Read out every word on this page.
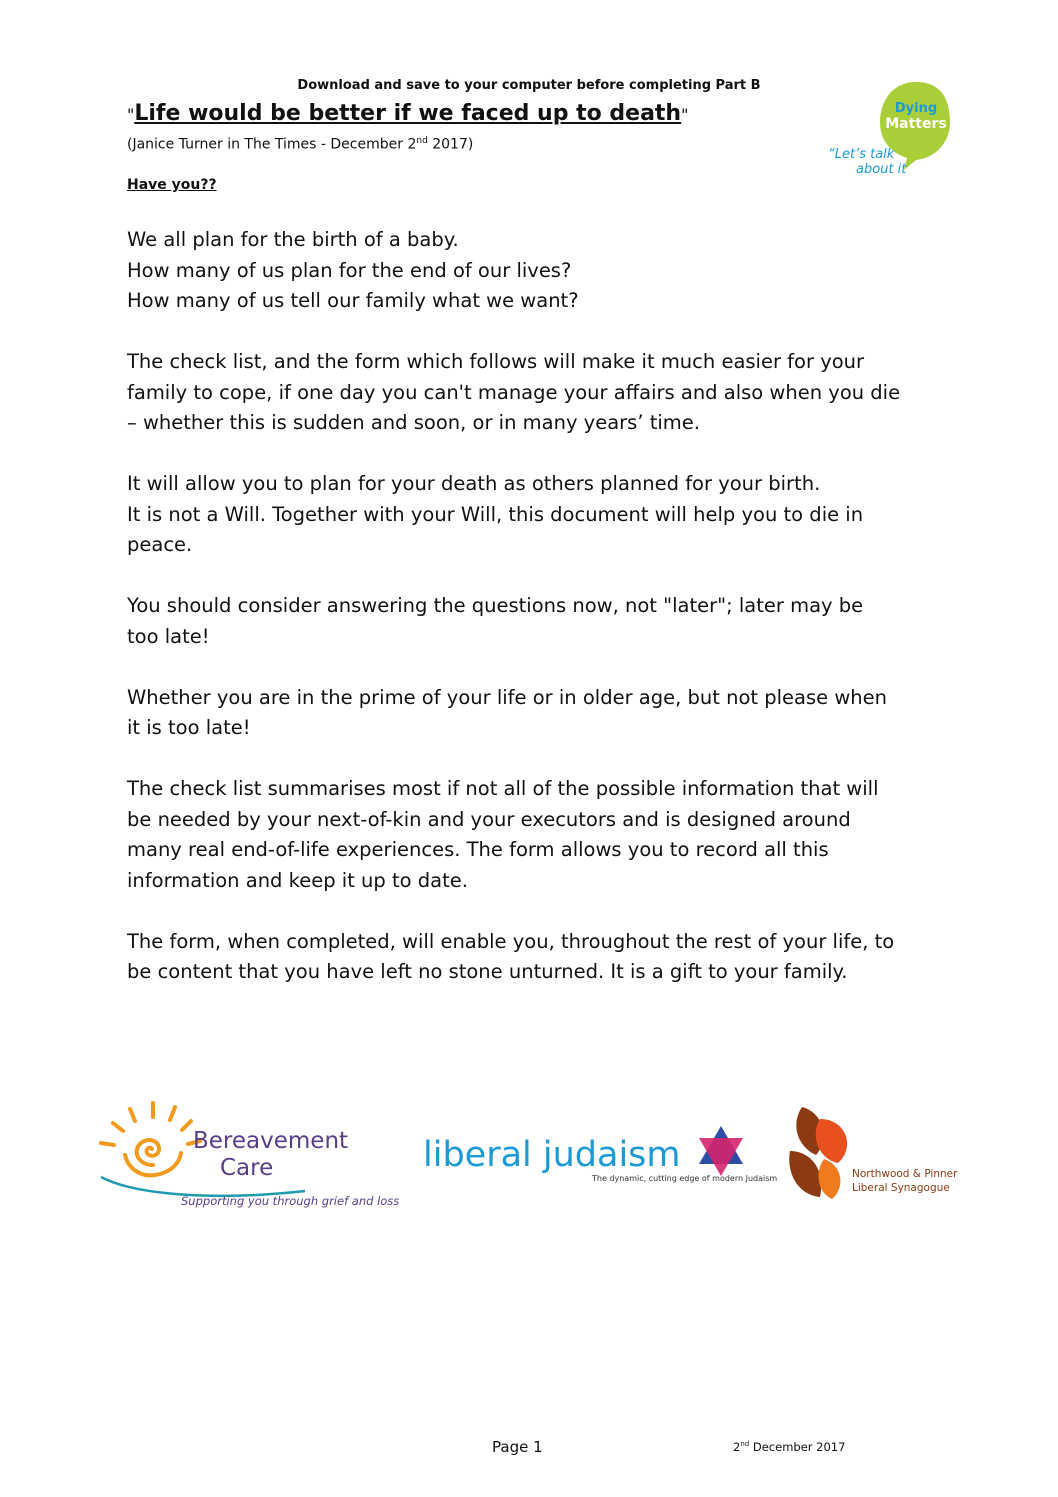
Download and save to your computer before completing Part B
"Life would be better if we faced up to death"
(Janice Turner in The Times - December 2nd 2017)
Dying
Matters
“Let’s talk
about it
Have you??

We all plan for the birth of a baby.
How many of us plan for the end of our lives?
How many of us tell our family what we want?

The check list, and the form which follows will make it much easier for your
family to cope, if one day you can't manage your affairs and also when you die
– whether this is sudden and soon, or in many years’ time.

It will allow you to plan for your death as others planned for your birth.
It is not a Will. Together with your Will, this document will help you to die in
peace.

You should consider answering the questions now, not "later"; later may be
too late!

Whether you are in the prime of your life or in older age, but not please when
it is too late!

The check list summarises most if not all of the possible information that will
be needed by your next-of-kin and your executors and is designed around
many real end-of-life experiences. The form allows you to record all this
information and keep it up to date.

The form, when completed, will enable you, throughout the rest of your life, to
be content that you have left no stone unturned. It is a gift to your family.

Bereavement
Care
Supporting you through grief and loss
liberal judaism
The dynamic, cutting edge of modern Judaism	Northwood & Pinner
Liberal Synagogue
Page 1	2nd December 2017
